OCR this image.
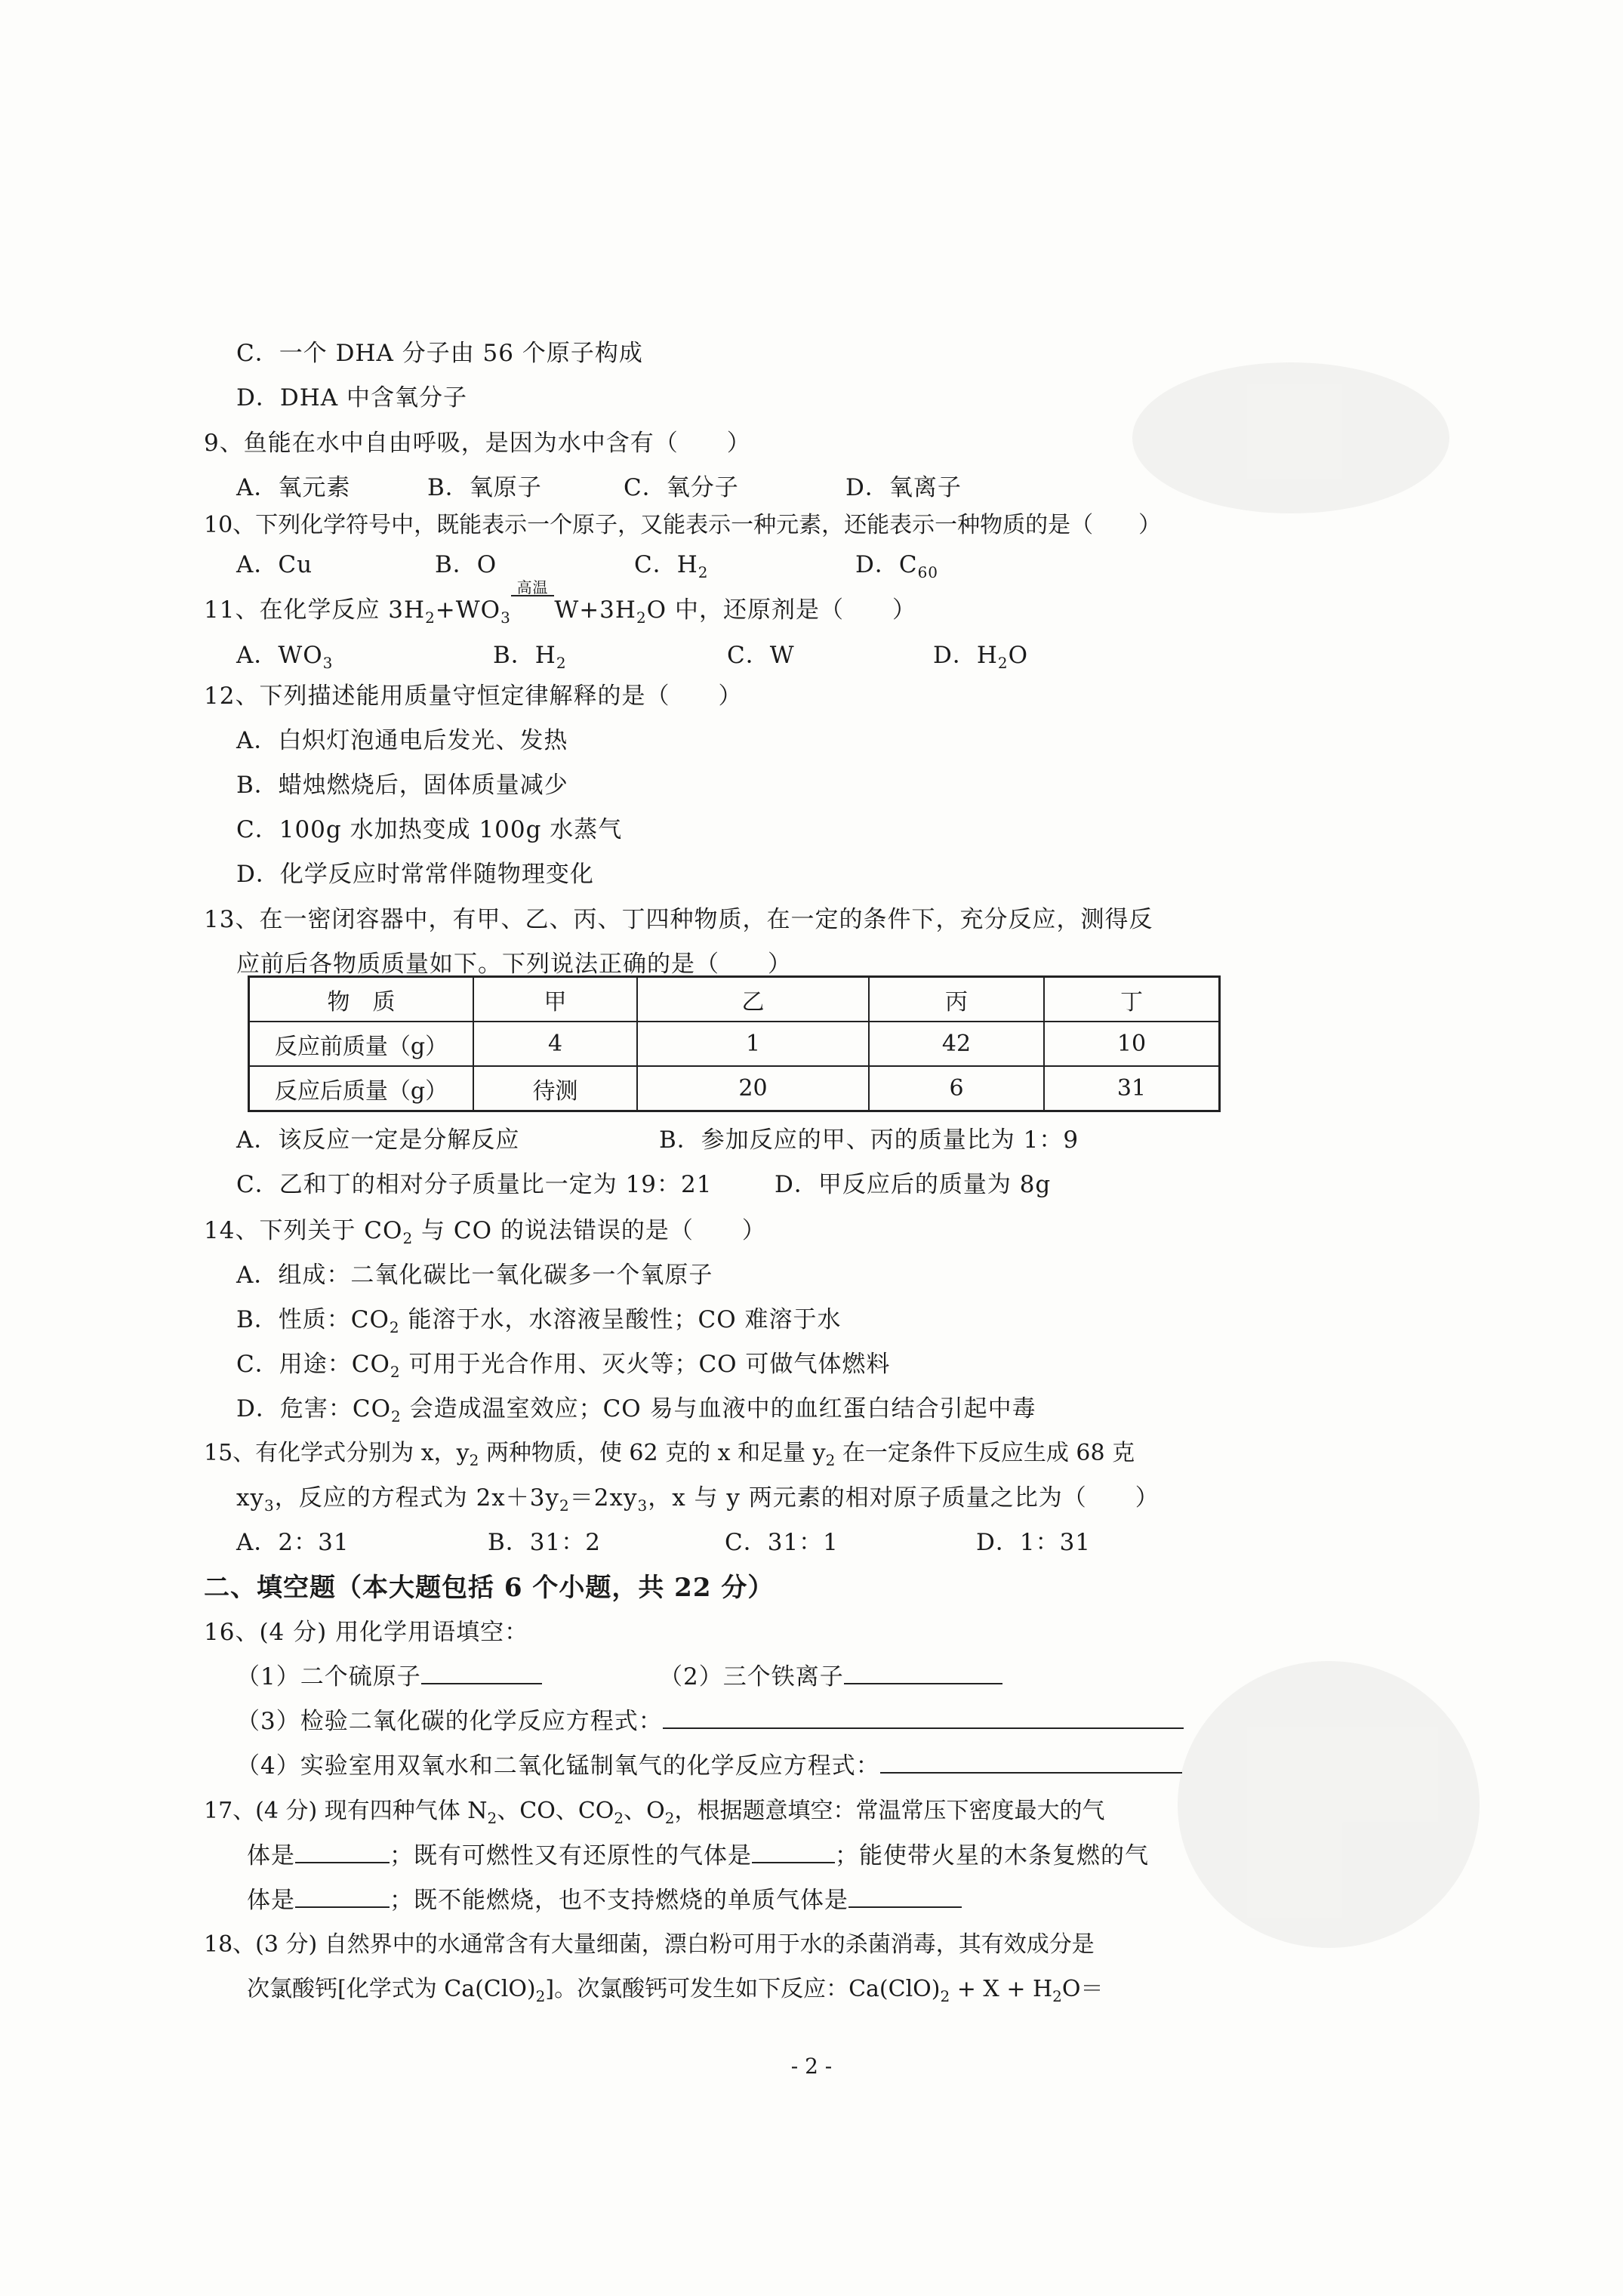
C．一个 DHA 分子由 56 个原子构成
D．DHA 中含氧分子
9、鱼能在水中自由呼吸，是因为水中含有（　　）
A．氧元素	B．氧原子	C．氧分子	D．氧离子
10、下列化学符号中，既能表示一个原子，又能表示一种元素，还能表示一种物质的是（　　）
A．Cu	B．O	C．$H_2$	D．$C_{60}$
11、在化学反应 $3H_2+WO_3$
高温
        $W+3H_2O$ 中，还原剂是（　　）
A．$WO_3$	B．$H_2$	C．W	D．$H_2O$
12、下列描述能用质量守恒定律解释的是（　　）
A．白炽灯泡通电后发光、发热
B．蜡烛燃烧后，固体质量减少
C．100g 水加热变成 100g 水蒸气
D．化学反应时常常伴随物理变化
13、在一密闭容器中，有甲、乙、丙、丁四种物质，在一定的条件下，充分反应，测得反
应前后各物质质量如下。下列说法正确的是（　　）
物　质	甲	乙	丙	丁
反应前质量（g）	4	1	42	10
反应后质量（g）	待测	20	6	31
A．该反应一定是分解反应	B．参加反应的甲、丙的质量比为 1：9
C．乙和丁的相对分子质量比一定为 19：21	D．甲反应后的质量为 8g
14、下列关于 $CO_2$ 与 CO 的说法错误的是（　　）
A．组成：二氧化碳比一氧化碳多一个氧原子
B．性质：$CO_2$ 能溶于水，水溶液呈酸性；CO 难溶于水
C．用途：$CO_2$ 可用于光合作用、灭火等；CO 可做气体燃料
D．危害：$CO_2$ 会造成温室效应；CO 易与血液中的血红蛋白结合引起中毒
15、有化学式分别为 x，$y_2$ 两种物质，使 62 克的 x 和足量 $y_2$ 在一定条件下反应生成 68 克
$xy_3$，反应的方程式为 $2x+3y_2=2xy_3$，x 与 y 两元素的相对原子质量之比为（　　）
A．2：31	B．31：2	C．31：1	D．1：31
二、填空题（本大题包括 6 个小题，共 22 分）
16、(4 分) 用化学用语填空：
（1）二个硫原子	（2）三个铁离子
（3）检验二氧化碳的化学反应方程式：
（4）实验室用双氧水和二氧化锰制氧气的化学反应方程式：
17、(4 分) 现有四种气体 $N_2$、CO、$CO_2$、$O_2$，根据题意填空：常温常压下密度最大的气
体是	；既有可燃性又有还原性的气体是	；能使带火星的木条复燃的气
体是	；既不能燃烧，也不支持燃烧的单质气体是
18、(3 分) 自然界中的水通常含有大量细菌，漂白粉可用于水的杀菌消毒，其有效成分是
次氯酸钙[化学式为 $Ca(ClO)_2$]。次氯酸钙可发生如下反应：$Ca(ClO)_2 + X + H_2O=$
- 2 -
